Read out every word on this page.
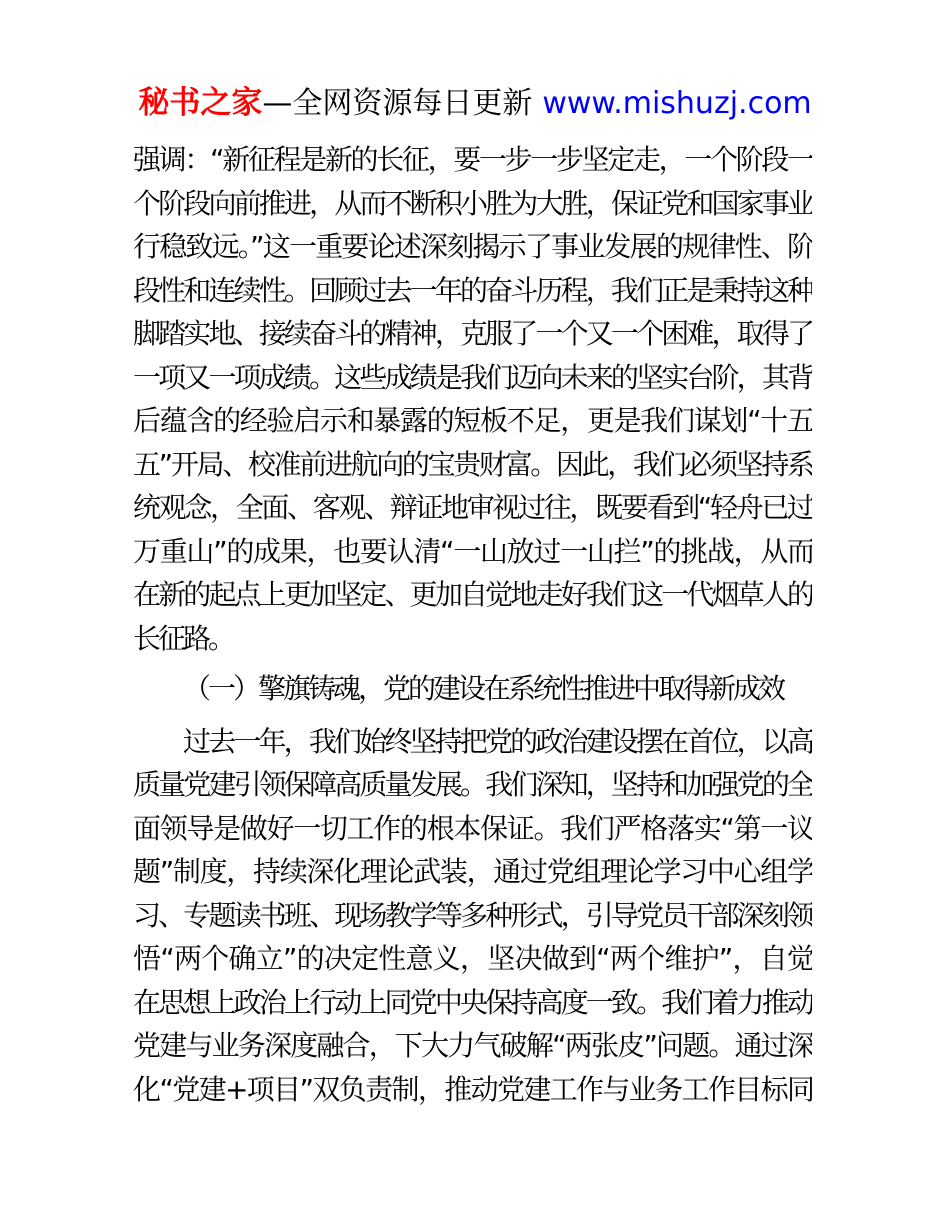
秘书之家—全网资源每日更新 www.mishuzj.com
强调：“新征程是新的长征，要一步一步坚定走，一个阶段一
个阶段向前推进，从而不断积小胜为大胜，保证党和国家事业
行稳致远。”这一重要论述深刻揭示了事业发展的规律性、阶
段性和连续性。回顾过去一年的奋斗历程，我们正是秉持这种
脚踏实地、接续奋斗的精神，克服了一个又一个困难，取得了
一项又一项成绩。这些成绩是我们迈向未来的坚实台阶，其背
后蕴含的经验启示和暴露的短板不足，更是我们谋划“十五
五”开局、校准前进航向的宝贵财富。因此，我们必须坚持系
统观念，全面、客观、辩证地审视过往，既要看到“轻舟已过
万重山”的成果，也要认清“一山放过一山拦”的挑战，从而
在新的起点上更加坚定、更加自觉地走好我们这一代烟草人的
长征路。
（一）擎旗铸魂，党的建设在系统性推进中取得新成效
过去一年，我们始终坚持把党的政治建设摆在首位，以高
质量党建引领保障高质量发展。我们深知，坚持和加强党的全
面领导是做好一切工作的根本保证。我们严格落实“第一议
题”制度，持续深化理论武装，通过党组理论学习中心组学
习、专题读书班、现场教学等多种形式，引导党员干部深刻领
悟“两个确立”的决定性意义，坚决做到“两个维护”，自觉
在思想上政治上行动上同党中央保持高度一致。我们着力推动
党建与业务深度融合，下大力气破解“两张皮”问题。通过深
化“党建+项目”双负责制，推动党建工作与业务工作目标同
